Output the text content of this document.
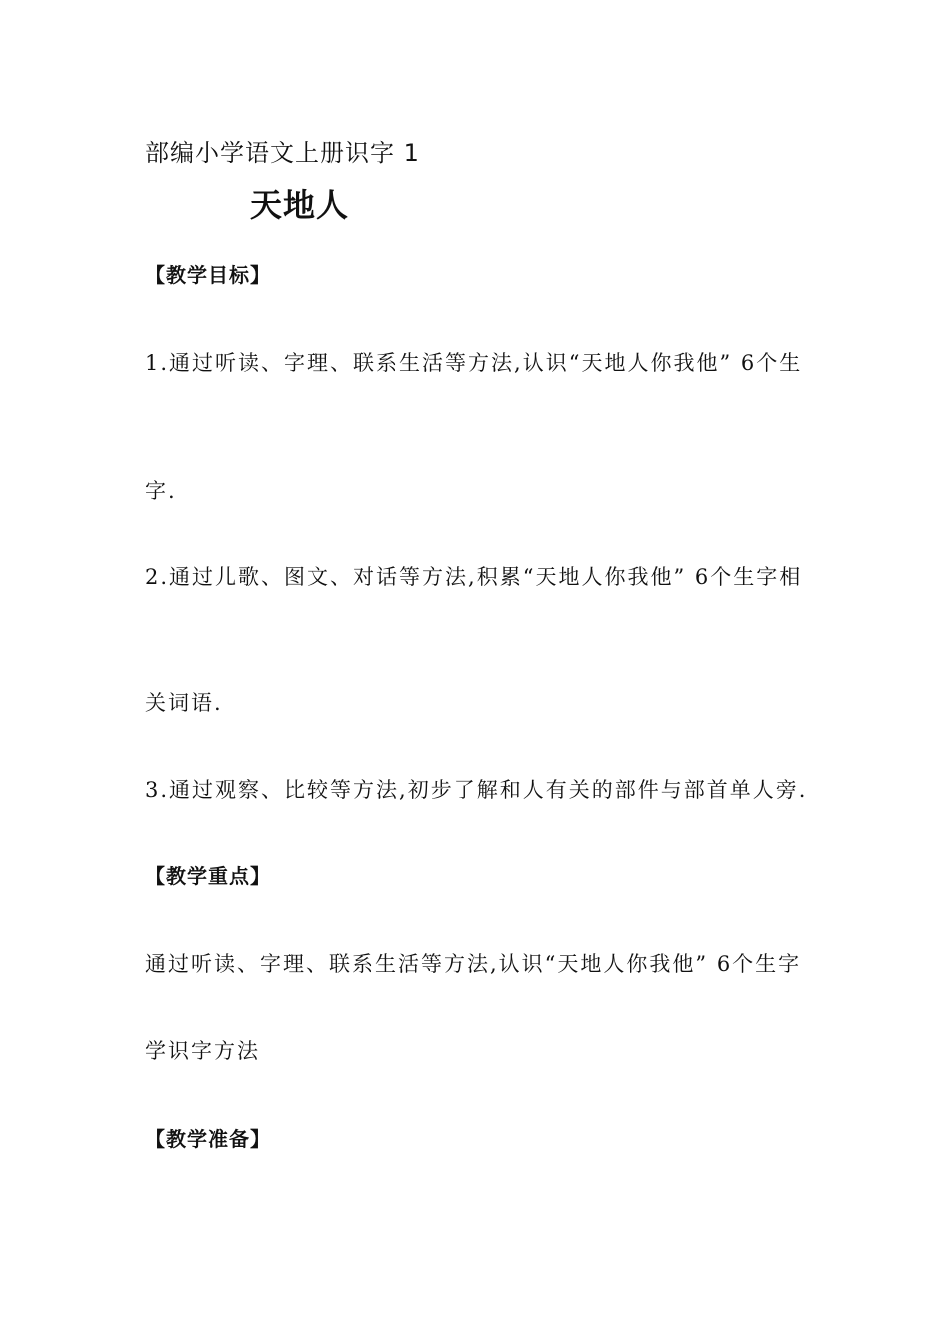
部编小学语文上册识字 1

天地人

【教学目标】

1.通过听读、字理、联系生活等方法,认识“天地人你我他” 6个生

字.

2.通过儿歌、图文、对话等方法,积累“天地人你我他” 6个生字相

关词语.

3.通过观察、比较等方法,初步了解和人有关的部件与部首单人旁.

【教学重点】

通过听读、字理、联系生活等方法,认识“天地人你我他” 6个生字

学识字方法

【教学准备】
